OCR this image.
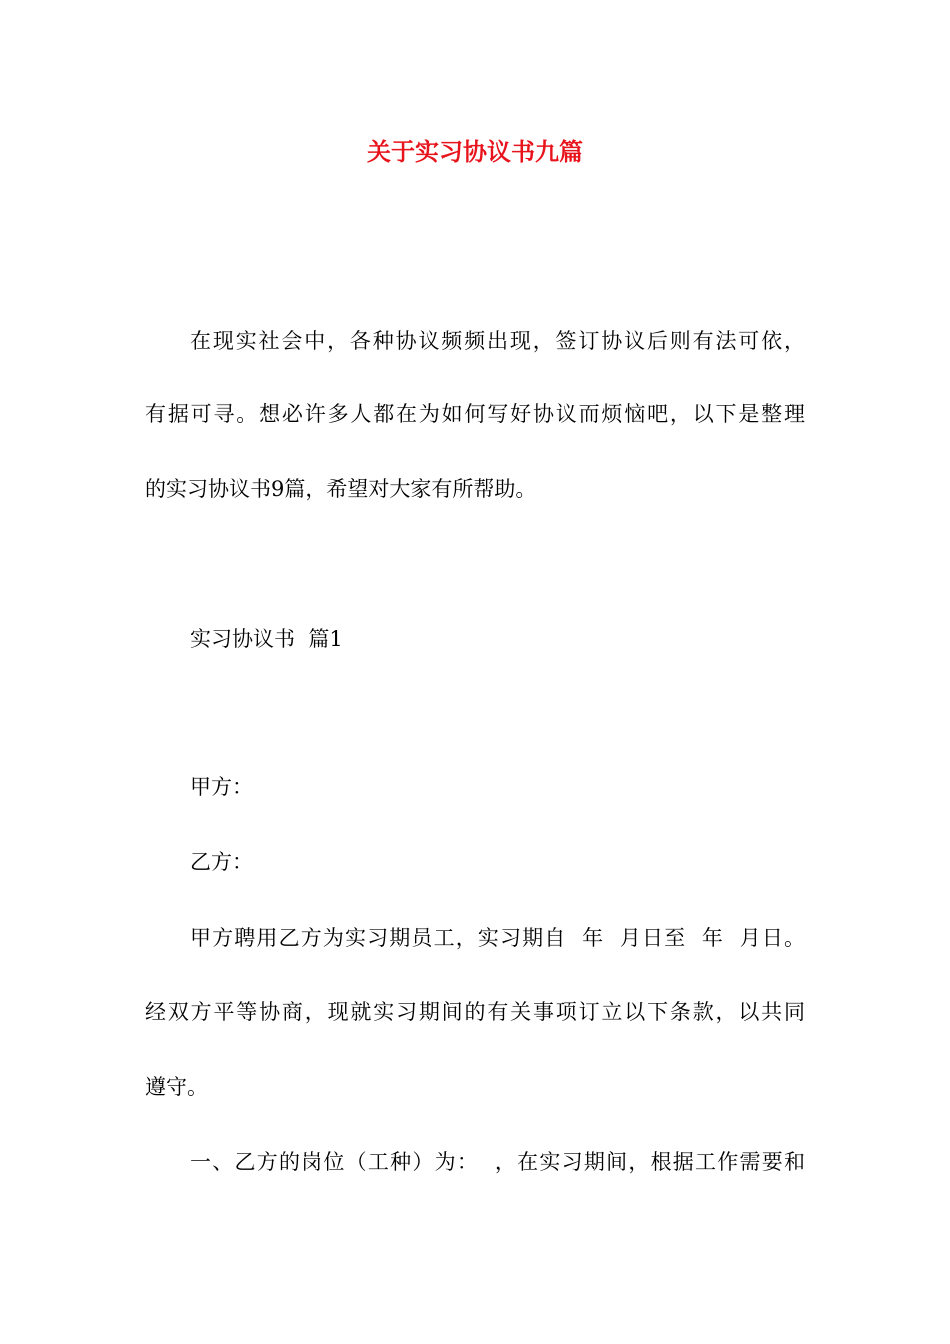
关于实习协议书九篇
在现实社会中，各种协议频频出现，签订协议后则有法可依，
有据可寻。想必许多人都在为如何写好协议而烦恼吧，以下是整理
的实习协议书9篇，希望对大家有所帮助。
实习协议书  篇1
甲方：
乙方：
甲方聘用乙方为实习期员工，实习期自  年  月日至  年  月日。
经双方平等协商，现就实习期间的有关事项订立以下条款，以共同
遵守。
一、乙方的岗位（工种）为：  ，在实习期间，根据工作需要和
